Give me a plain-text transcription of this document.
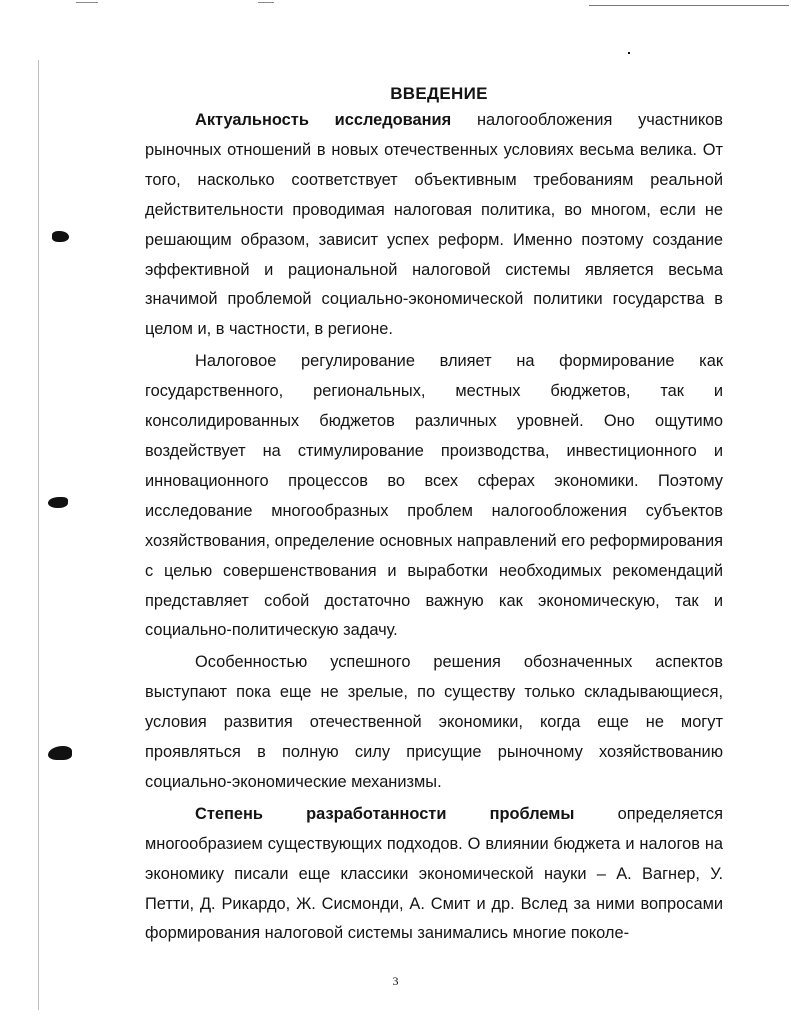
ВВЕДЕНИЕ

Актуальность исследования налогообложения участников рыночных отношений в новых отечественных условиях весьма велика. От того, насколько соответствует объективным требованиям реальной действительности проводимая налоговая политика, во многом, если не решающим образом, зависит успех реформ. Именно поэтому создание эффективной и рациональной налоговой системы является весьма значимой проблемой социально-экономической политики государства в целом и, в частности, в регионе.

Налоговое регулирование влияет на формирование как государственного, региональных, местных бюджетов, так и консолидированных бюджетов различных уровней. Оно ощутимо воздействует на стимулирование производства, инвестиционного и инновационного процессов во всех сферах экономики. Поэтому исследование многообразных проблем налогообложения субъектов хозяйствования, определение основных направлений его реформирования с целью совершенствования и выработки необходимых рекомендаций представляет собой достаточно важную как экономическую, так и социально-политическую задачу.

Особенностью успешного решения обозначенных аспектов выступают пока еще не зрелые, по существу только складывающиеся, условия развития отечественной экономики, когда еще не могут проявляться в полную силу присущие рыночному хозяйствованию социально-экономические механизмы.

Степень разработанности проблемы определяется многообразием существующих подходов. О влиянии бюджета и налогов на экономику писали еще классики экономической науки – А. Вагнер, У. Петти, Д. Рикардо, Ж. Сисмонди, А. Смит и др. Вслед за ними вопросами формирования налоговой системы занимались многие поколе-

3
